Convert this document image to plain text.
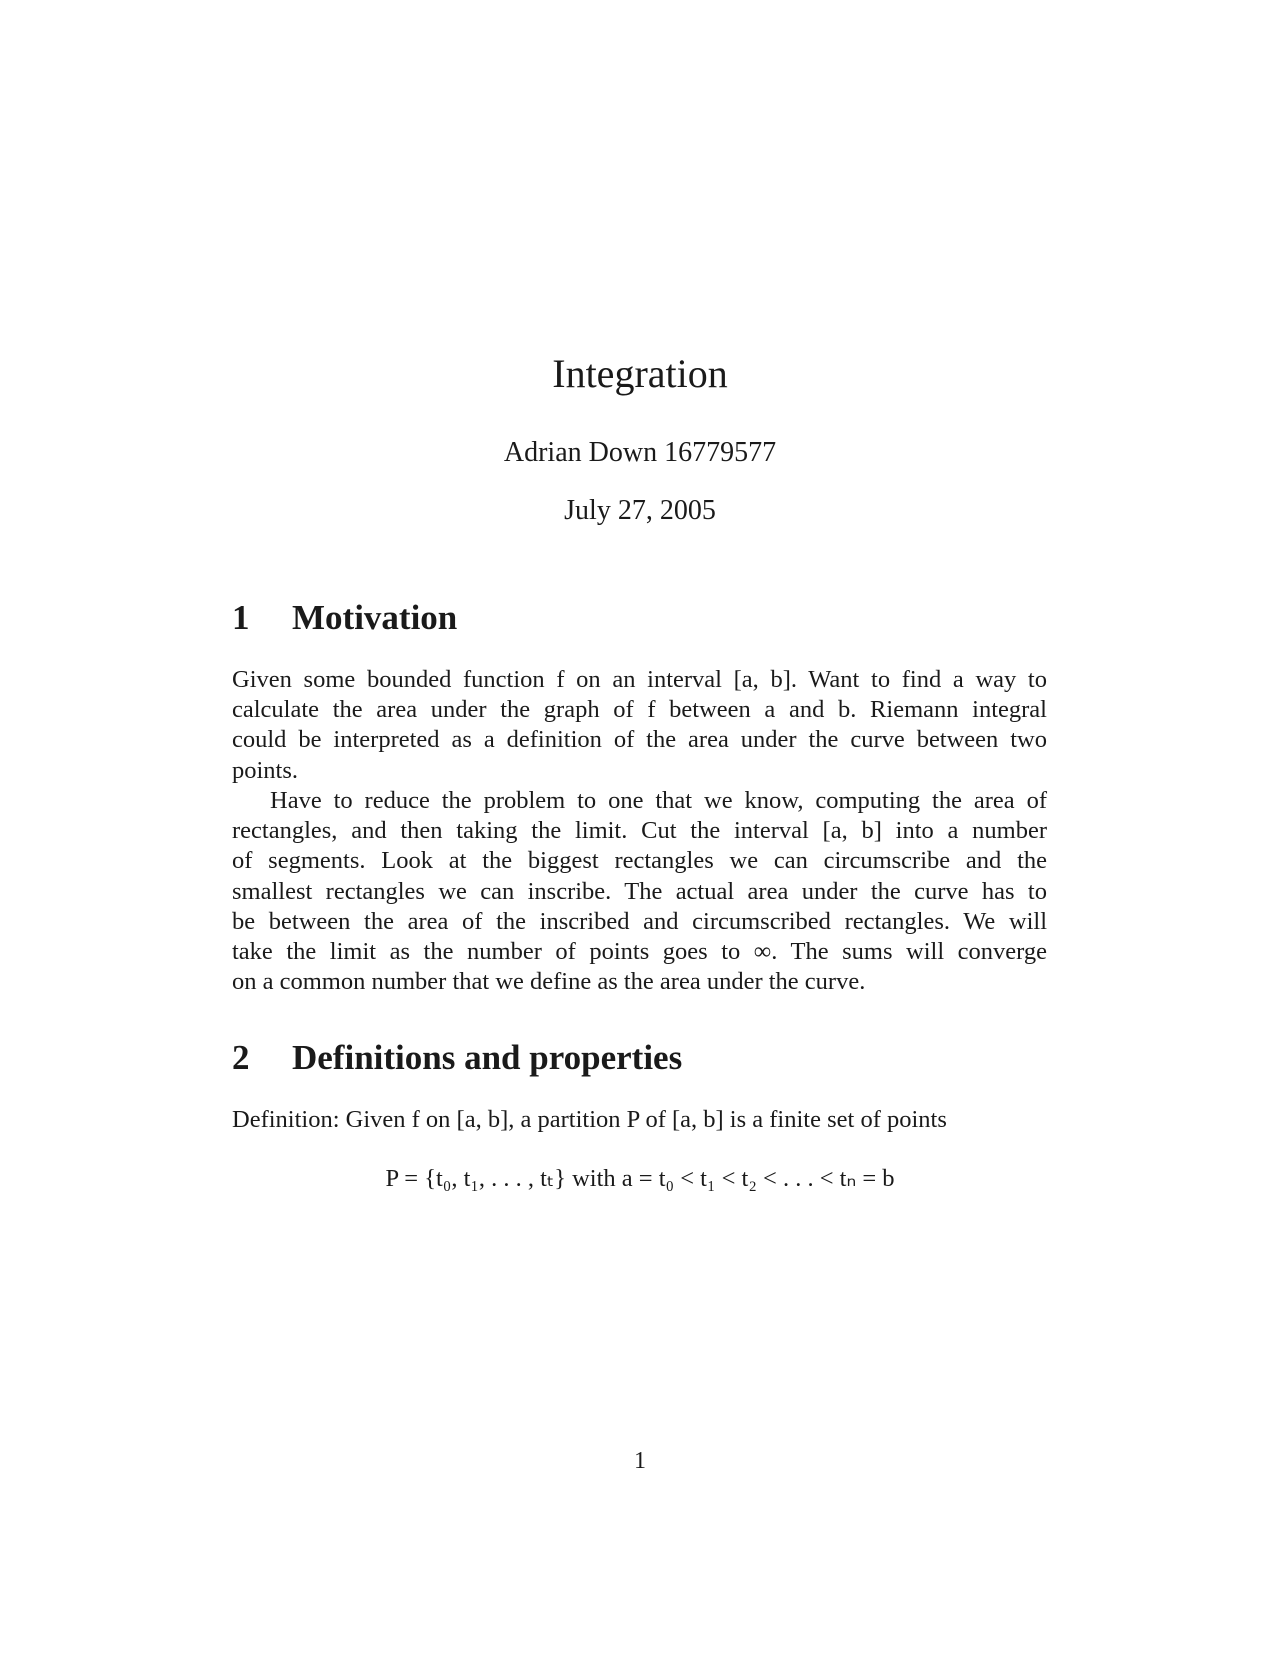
Integration
Adrian Down 16779577
July 27, 2005
1 Motivation
Given some bounded function f on an interval [a, b]. Want to find a way to
calculate the area under the graph of f between a and b. Riemann integral
could be interpreted as a definition of the area under the curve between two
points.
Have to reduce the problem to one that we know, computing the area of
rectangles, and then taking the limit. Cut the interval [a, b] into a number
of segments. Look at the biggest rectangles we can circumscribe and the
smallest rectangles we can inscribe. The actual area under the curve has to
be between the area of the inscribed and circumscribed rectangles. We will
take the limit as the number of points goes to ∞. The sums will converge
on a common number that we define as the area under the curve.
2 Definitions and properties
Definition: Given f on [a, b], a partition P of [a, b] is a finite set of points
P = {t₀, t₁, . . . , tₜ} with a = t₀ < t₁ < t₂ < . . . < tₙ = b
1
